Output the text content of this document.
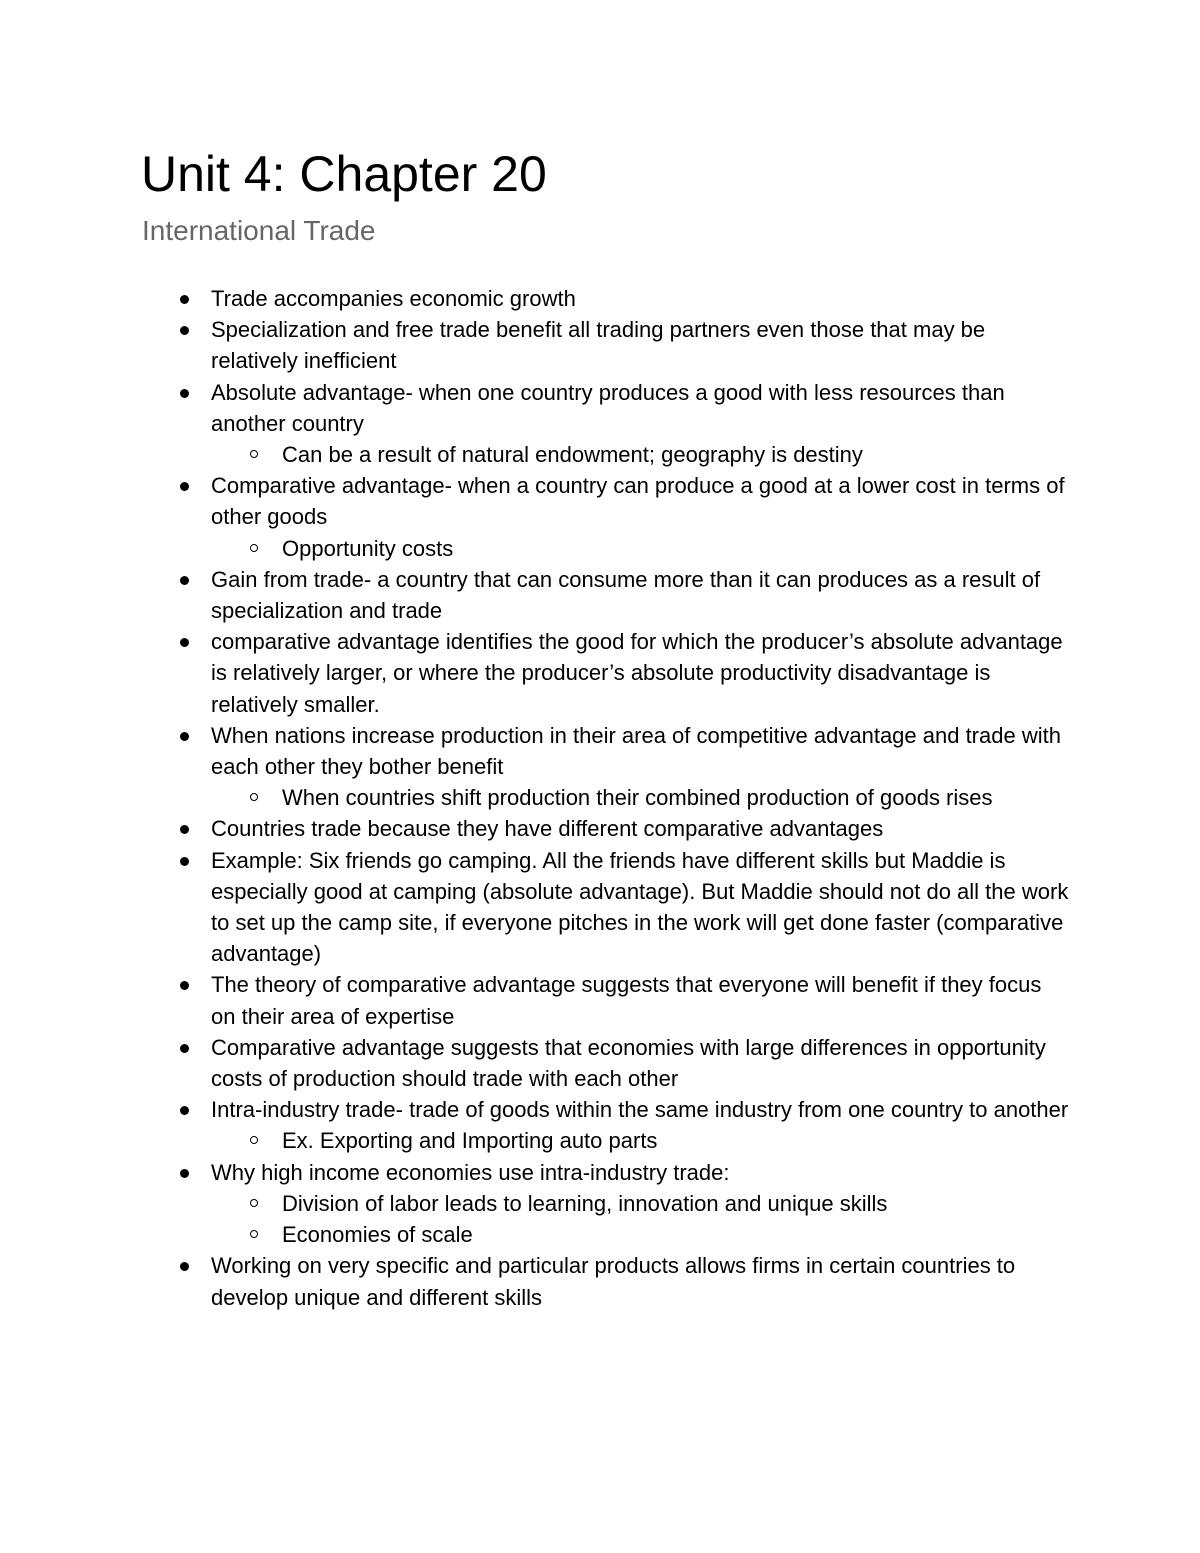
Unit 4: Chapter 20
International Trade
Trade accompanies economic growth
Specialization and free trade benefit all trading partners even those that may be relatively inefficient
Absolute advantage- when one country produces a good with less resources than another country
Can be a result of natural endowment; geography is destiny
Comparative advantage- when a country can produce a good at a lower cost in terms of other goods
Opportunity costs
Gain from trade- a country that can consume more than it can produces as a result of specialization and trade
comparative advantage identifies the good for which the producer’s absolute advantage is relatively larger, or where the producer’s absolute productivity disadvantage is relatively smaller.
When nations increase production in their area of competitive advantage and trade with each other they bother benefit
When countries shift production their combined production of goods rises
Countries trade because they have different comparative advantages
Example: Six friends go camping. All the friends have different skills but Maddie is especially good at camping (absolute advantage). But Maddie should not do all the work to set up the camp site, if everyone pitches in the work will get done faster (comparative advantage)
The theory of comparative advantage suggests that everyone will benefit if they focus on their area of expertise
Comparative advantage suggests that economies with large differences in opportunity costs of production should trade with each other
Intra-industry trade- trade of goods within the same industry from one country to another
Ex. Exporting and Importing auto parts
Why high income economies use intra-industry trade:
Division of labor leads to learning, innovation and unique skills
Economies of scale
Working on very specific and particular products allows firms in certain countries to develop unique and different skills
